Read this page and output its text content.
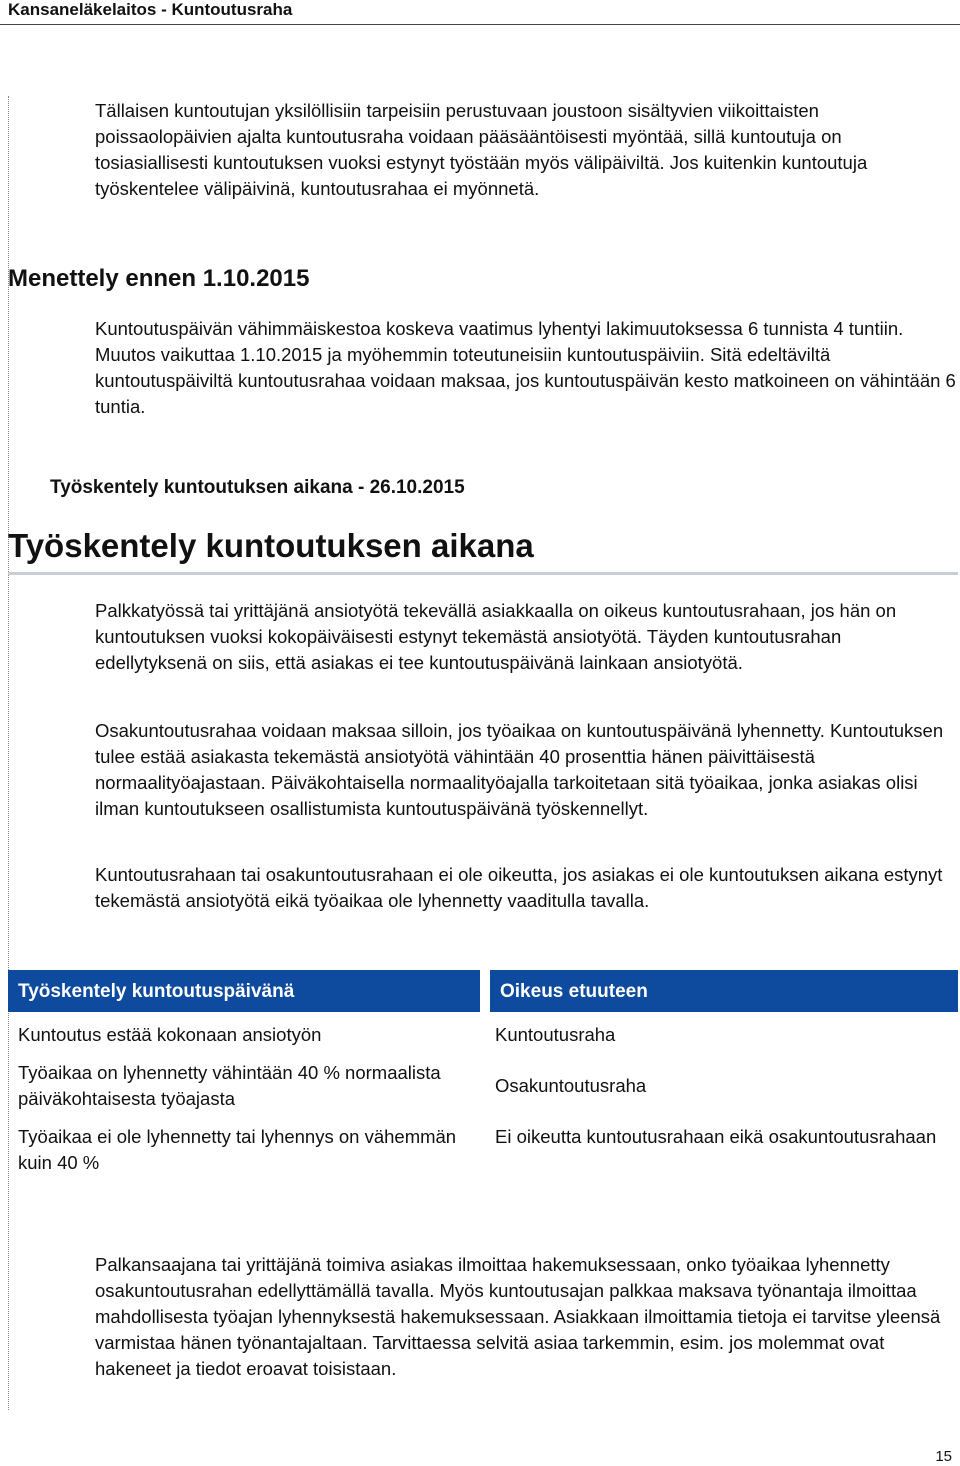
Kansaneläkelaitos - Kuntoutusraha

Tällaisen kuntoutujan yksilöllisiin tarpeisiin perustuvaan joustoon sisältyvien viikoittaisten poissaolopäivien ajalta kuntoutusraha voidaan pääsääntöisesti myöntää, sillä kuntoutuja on tosiasiallisesti kuntoutuksen vuoksi estynyt työstään myös välipäiviltä. Jos kuitenkin kuntoutuja työskentelee välipäivinä, kuntoutusrahaa ei myönnetä.

Menettely ennen 1.10.2015

Kuntoutuspäivän vähimmäiskestoa koskeva vaatimus lyhentyi lakimuutoksessa 6 tunnista 4 tuntiin. Muutos vaikuttaa 1.10.2015 ja myöhemmin toteutuneisiin kuntoutuspäiviin. Sitä edeltäviltä kuntoutuspäiviltä kuntoutusrahaa voidaan maksaa, jos kuntoutuspäivän kesto matkoineen on vähintään 6 tuntia.

Työskentely kuntoutuksen aikana - 26.10.2015
Työskentely kuntoutuksen aikana

Palkkatyössä tai yrittäjänä ansiotyötä tekevällä asiakkaalla on oikeus kuntoutusrahaan, jos hän on kuntoutuksen vuoksi kokopäiväisesti estynyt tekemästä ansiotyötä. Täyden kuntoutusrahan edellytyksenä on siis, että asiakas ei tee kuntoutuspäivänä lainkaan ansiotyötä.

Osakuntoutusrahaa voidaan maksaa silloin, jos työaikaa on kuntoutuspäivänä lyhennetty. Kuntoutuksen tulee estää asiakasta tekemästä ansiotyötä vähintään 40 prosenttia hänen päivittäisestä normaalityöajastaan. Päiväkohtaisella normaalityöajalla tarkoitetaan sitä työaikaa, jonka asiakas olisi ilman kuntoutukseen osallistumista kuntoutuspäivänä työskennellyt.

Kuntoutusrahaan tai osakuntoutusrahaan ei ole oikeutta, jos asiakas ei ole kuntoutuksen aikana estynyt tekemästä ansiotyötä eikä työaikaa ole lyhennetty vaaditulla tavalla.

Työskentely kuntoutuspäivänä	Oikeus etuuteen
Kuntoutus estää kokonaan ansiotyön	Kuntoutusraha
Työaikaa on lyhennetty vähintään 40 % normaalista päiväkohtaisesta työajasta	Osakuntoutusraha
Työaikaa ei ole lyhennetty tai lyhennys on vähemmän kuin 40 %	Ei oikeutta kuntoutusrahaan eikä osakuntoutusrahaan

Palkansaajana tai yrittäjänä toimiva asiakas ilmoittaa hakemuksessaan, onko työaikaa lyhennetty osakuntoutusrahan edellyttämällä tavalla. Myös kuntoutusajan palkkaa maksava työnantaja ilmoittaa mahdollisesta työajan lyhennyksestä hakemuksessaan. Asiakkaan ilmoittamia tietoja ei tarvitse yleensä varmistaa hänen työnantajaltaan. Tarvittaessa selvitä asiaa tarkemmin, esim. jos molemmat ovat hakeneet ja tiedot eroavat toisistaan.

15
